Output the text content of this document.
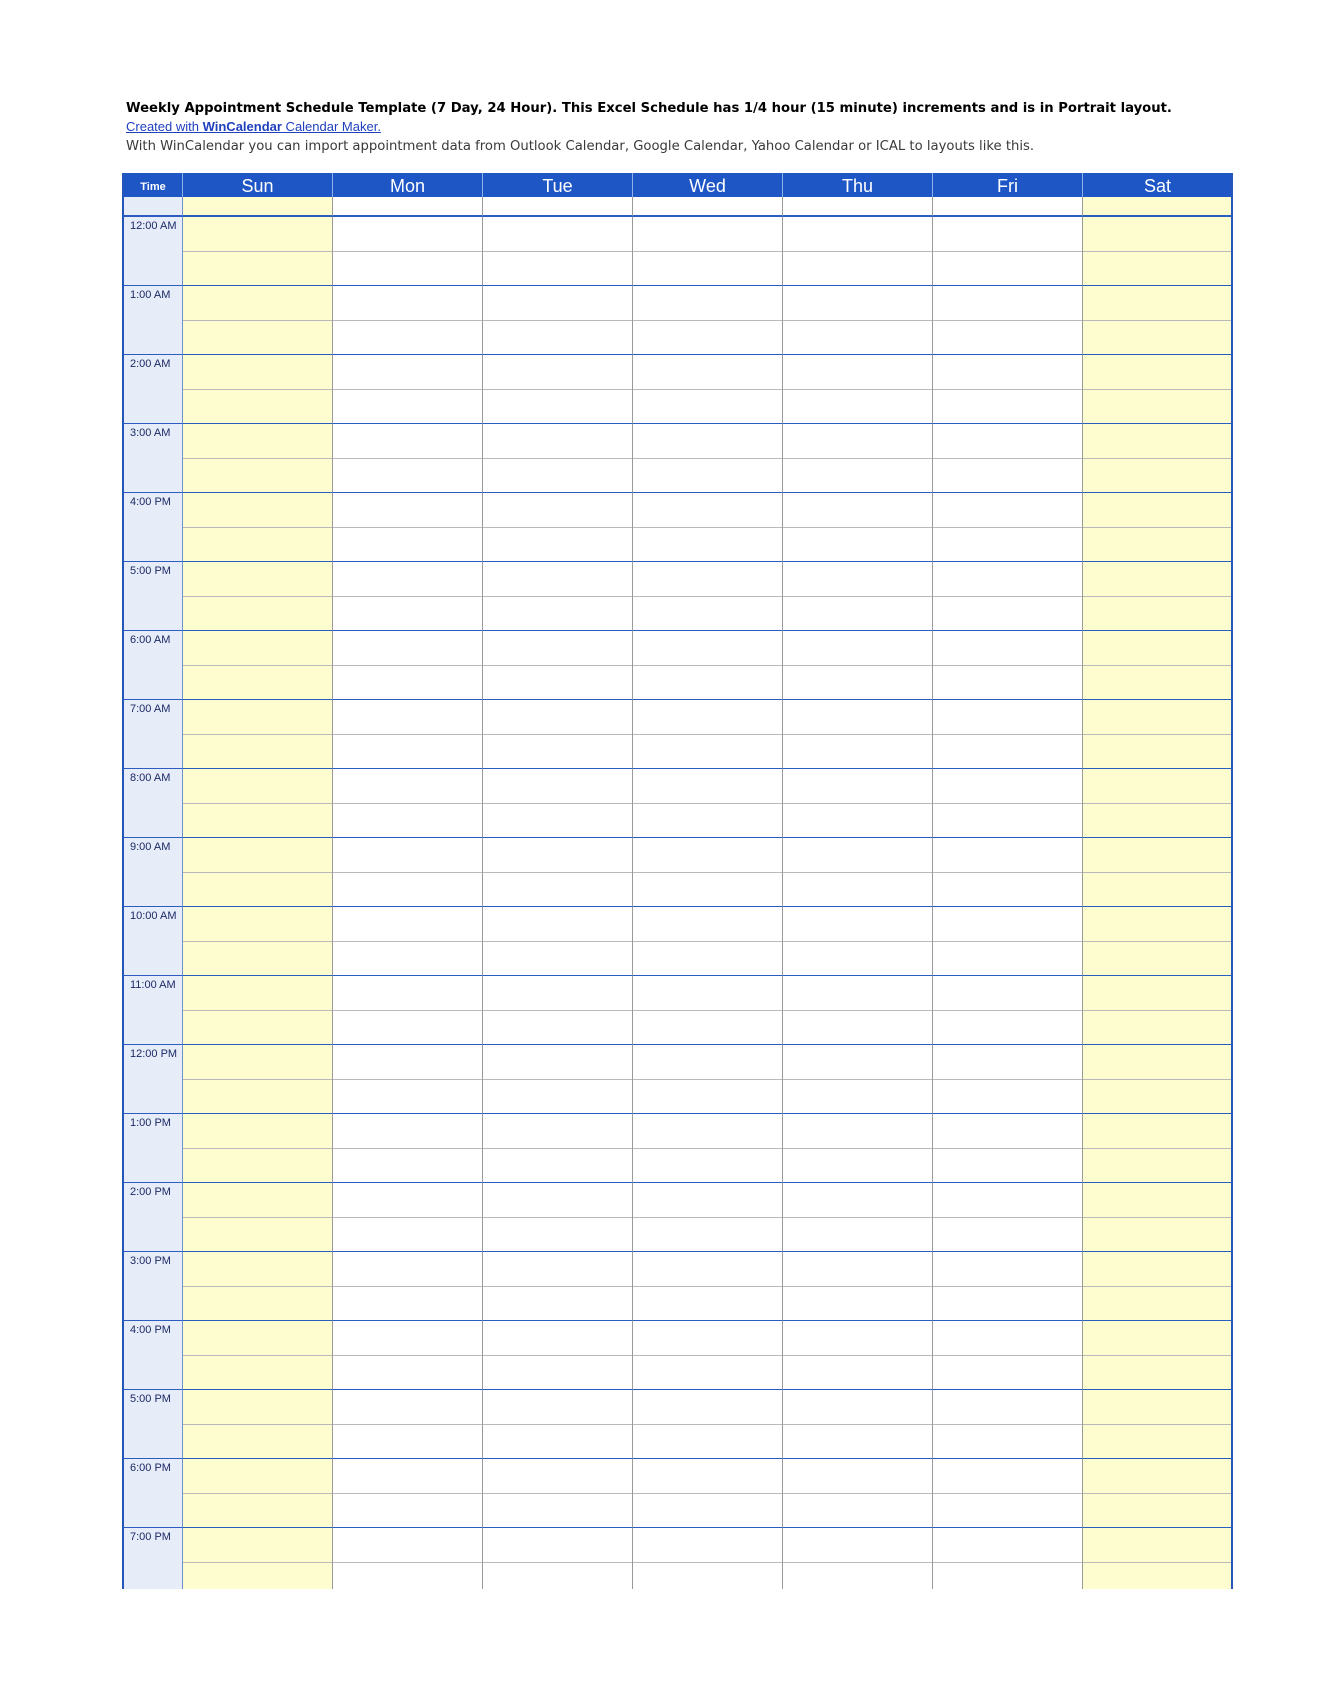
Weekly Appointment Schedule Template (7 Day, 24 Hour). This Excel Schedule has 1/4 hour (15 minute) increments and is in Portrait layout.
Created with WinCalendar Calendar Maker.
With WinCalendar you can import appointment data from Outlook Calendar, Google Calendar, Yahoo Calendar or ICAL to layouts like this.
Time	Sun	Mon	Tue	Wed	Thu	Fri	Sat
12:00 AM
1:00 AM
2:00 AM
3:00 AM
4:00 PM
5:00 PM
6:00 AM
7:00 AM
8:00 AM
9:00 AM
10:00 AM
11:00 AM
12:00 PM
1:00 PM
2:00 PM
3:00 PM
4:00 PM
5:00 PM
6:00 PM
7:00 PM
